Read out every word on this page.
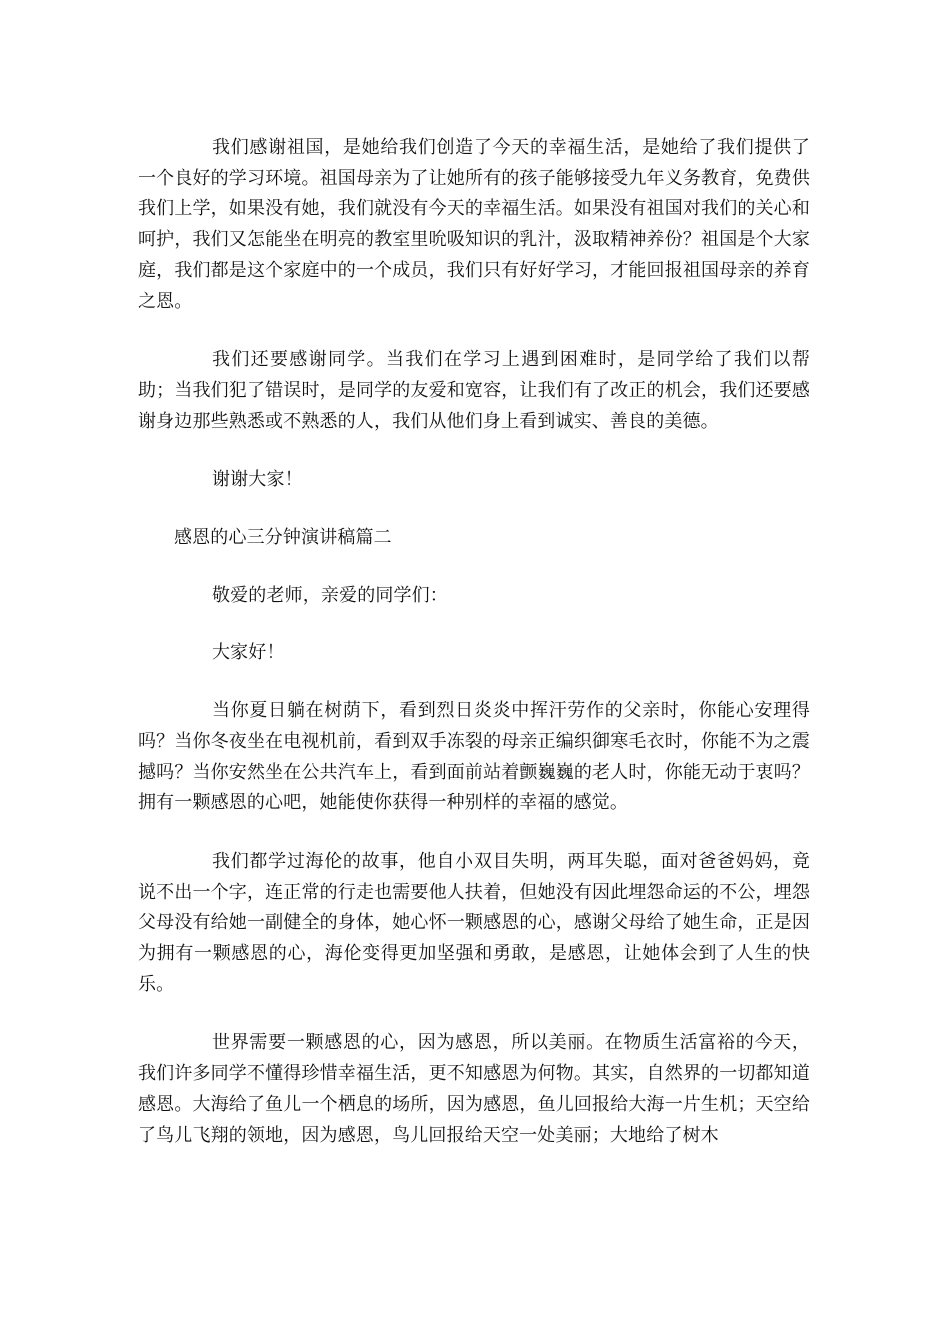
我们感谢祖国，是她给我们创造了今天的幸福生活，是她给了我们提供了一个良好的学习环境。祖国母亲为了让她所有的孩子能够接受九年义务教育，免费供我们上学，如果没有她，我们就没有今天的幸福生活。如果没有祖国对我们的关心和呵护，我们又怎能坐在明亮的教室里吮吸知识的乳汁，汲取精神养份？祖国是个大家庭，我们都是这个家庭中的一个成员，我们只有好好学习，才能回报祖国母亲的养育之恩。

我们还要感谢同学。当我们在学习上遇到困难时，是同学给了我们以帮助；当我们犯了错误时，是同学的友爱和宽容，让我们有了改正的机会，我们还要感谢身边那些熟悉或不熟悉的人，我们从他们身上看到诚实、善良的美德。

谢谢大家！

感恩的心三分钟演讲稿篇二

敬爱的老师，亲爱的同学们：

大家好！

当你夏日躺在树荫下，看到烈日炎炎中挥汗劳作的父亲时，你能心安理得吗？当你冬夜坐在电视机前，看到双手冻裂的母亲正编织御寒毛衣时，你能不为之震撼吗？当你安然坐在公共汽车上，看到面前站着颤巍巍的老人时，你能无动于衷吗？拥有一颗感恩的心吧，她能使你获得一种别样的幸福的感觉。

我们都学过海伦的故事，他自小双目失明，两耳失聪，面对爸爸妈妈，竟说不出一个字，连正常的行走也需要他人扶着，但她没有因此埋怨命运的不公，埋怨父母没有给她一副健全的身体，她心怀一颗感恩的心，感谢父母给了她生命，正是因为拥有一颗感恩的心，海伦变得更加坚强和勇敢，是感恩，让她体会到了人生的快乐。

世界需要一颗感恩的心，因为感恩，所以美丽。在物质生活富裕的今天，我们许多同学不懂得珍惜幸福生活，更不知感恩为何物。其实，自然界的一切都知道感恩。大海给了鱼儿一个栖息的场所，因为感恩，鱼儿回报给大海一片生机；天空给了鸟儿飞翔的领地，因为感恩，鸟儿回报给天空一处美丽；大地给了树木
